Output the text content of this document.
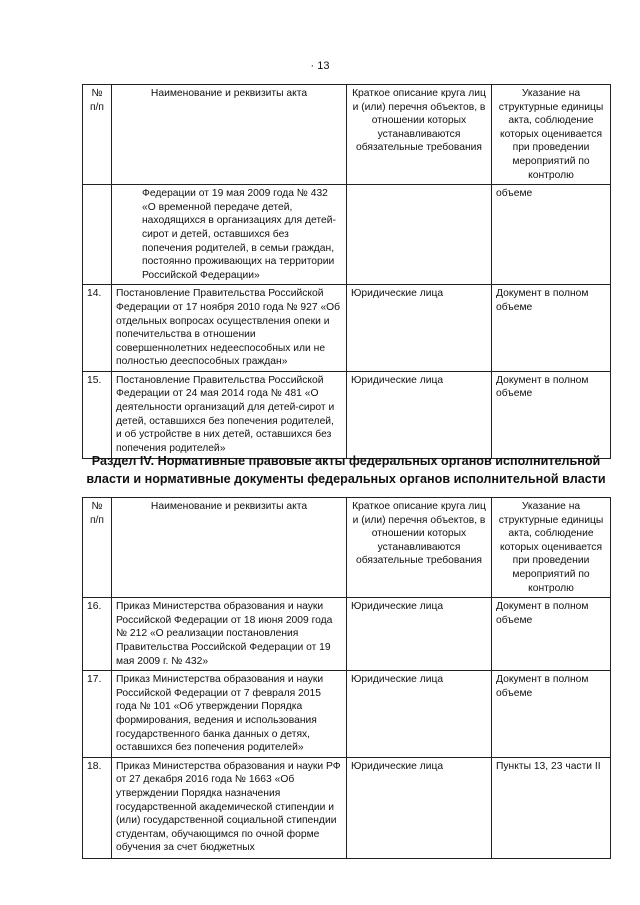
· 13
№
п/п	Наименование и реквизиты акта	Краткое описание круга лиц и (или) перечня объектов, в отношении которых устанавливаются обязательные требования	Указание на структурные единицы акта, соблюдение которых оценивается при проведении мероприятий по контролю
	Федерации от 19 мая 2009 года № 432 «О временной передаче детей, находящихся в организациях для детей-сирот и детей, оставшихся без попечения родителей, в семьи граждан, постоянно проживающих на территории Российской Федерации»		объеме
14.	Постановление Правительства Российской Федерации от 17 ноября 2010 года № 927 «Об отдельных вопросах осуществления опеки и попечительства в отношении совершеннолетних недееспособных или не полностью дееспособных граждан»	Юридические лица	Документ в полном объеме
15.	Постановление Правительства Российской Федерации от 24 мая 2014 года № 481 «О деятельности организаций для детей-сирот и детей, оставшихся без попечения родителей, и об устройстве в них детей, оставшихся без попечения родителей»	Юридические лица	Документ в полном объеме
Раздел IV. Нормативные правовые акты федеральных органов исполнительной власти и нормативные документы федеральных органов исполнительной власти
№
п/п	Наименование и реквизиты акта	Краткое описание круга лиц и (или) перечня объектов, в отношении которых устанавливаются обязательные требования	Указание на структурные единицы акта, соблюдение которых оценивается при проведении мероприятий по контролю
16.	Приказ Министерства образования и науки Российской Федерации от 18 июня 2009 года № 212 «О реализации постановления Правительства Российской Федерации от 19 мая 2009 г. № 432»	Юридические лица	Документ в полном объеме
17.	Приказ Министерства образования и науки Российской Федерации от 7 февраля 2015 года № 101 «Об утверждении Порядка формирования, ведения и использования государственного банка данных о детях, оставшихся без попечения родителей»	Юридические лица	Документ в полном объеме
18.	Приказ Министерства образования и науки РФ от 27 декабря 2016 года № 1663 «Об утверждении Порядка назначения государственной академической стипендии и (или) государственной социальной стипендии студентам, обучающимся по очной форме обучения за счет бюджетных	Юридические лица	Пункты 13, 23 части II
